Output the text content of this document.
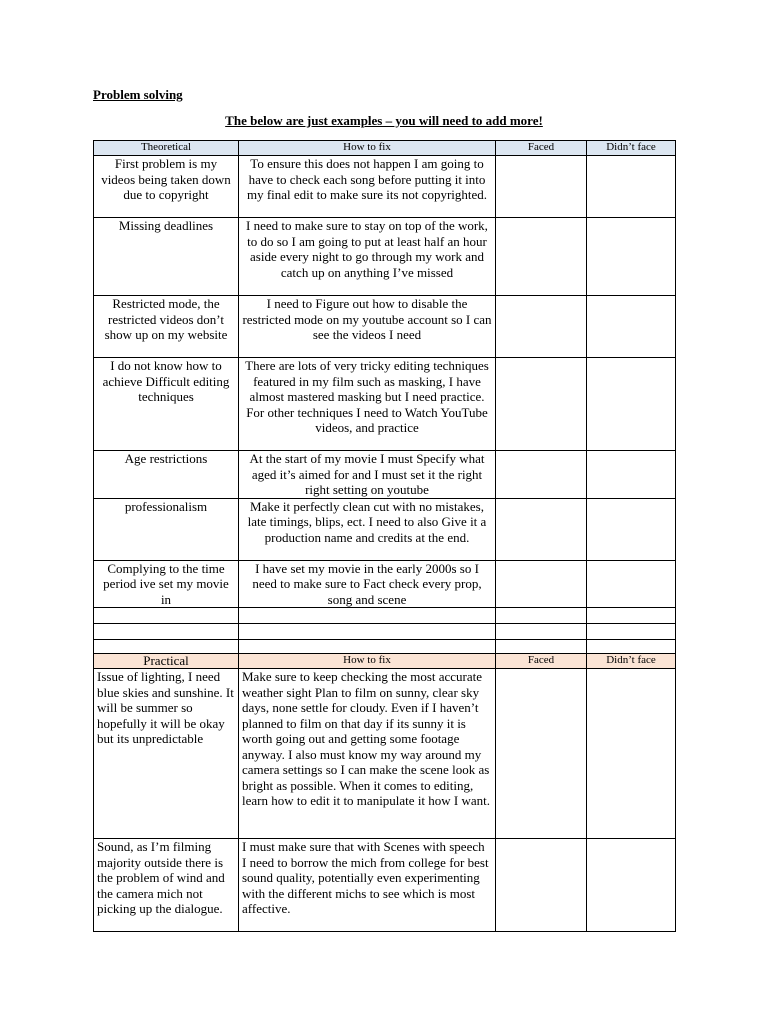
Problem solving
The below are just examples – you will need to add more!
Theoretical	How to fix	Faced	Didn’t face
First problem is my videos being taken down due to copyright	To ensure this does not happen I am going to have to check each song before putting it into my final edit to make sure its not copyrighted.		
Missing deadlines	I need to make sure to stay on top of the work, to do so I am going to put at least half an hour aside every night to go through my work and catch up on anything I’ve missed		
Restricted mode, the restricted videos don’t show up on my website	I need to Figure out how to disable the restricted mode on my youtube account so I can see the videos I need		
I do not know how to achieve Difficult editing techniques	There are lots of very tricky editing techniques featured in my film such as masking, I have almost mastered masking but I need practice. For other techniques I need to Watch YouTube videos, and practice		
Age restrictions	At the start of my movie I must Specify what aged it’s aimed for and I must set it the right right setting on youtube		
professionalism	Make it perfectly clean cut with no mistakes, late timings, blips, ect. I need to also Give it a production name and credits at the end.		
Complying to the time period ive set my movie in	I have set my movie in the early 2000s so I need to make sure to Fact check every prop, song and scene		

Practical	How to fix	Faced	Didn’t face
Issue of lighting, I need blue skies and sunshine. It will be summer so hopefully it will be okay but its unpredictable	Make sure to keep checking the most accurate weather sight Plan to film on sunny, clear sky days, none settle for cloudy. Even if I haven’t planned to film on that day if its sunny it is worth going out and getting some footage anyway. I also must know my way around my camera settings so I can make the scene look as bright as possible. When it comes to editing, learn how to edit it to manipulate it how I want.		
Sound, as I’m filming majority outside there is the problem of wind and the camera mich not picking up the dialogue.	I must make sure that with Scenes with speech I need to borrow the mich from college for best sound quality, potentially even experimenting with the different michs to see which is most affective.		
